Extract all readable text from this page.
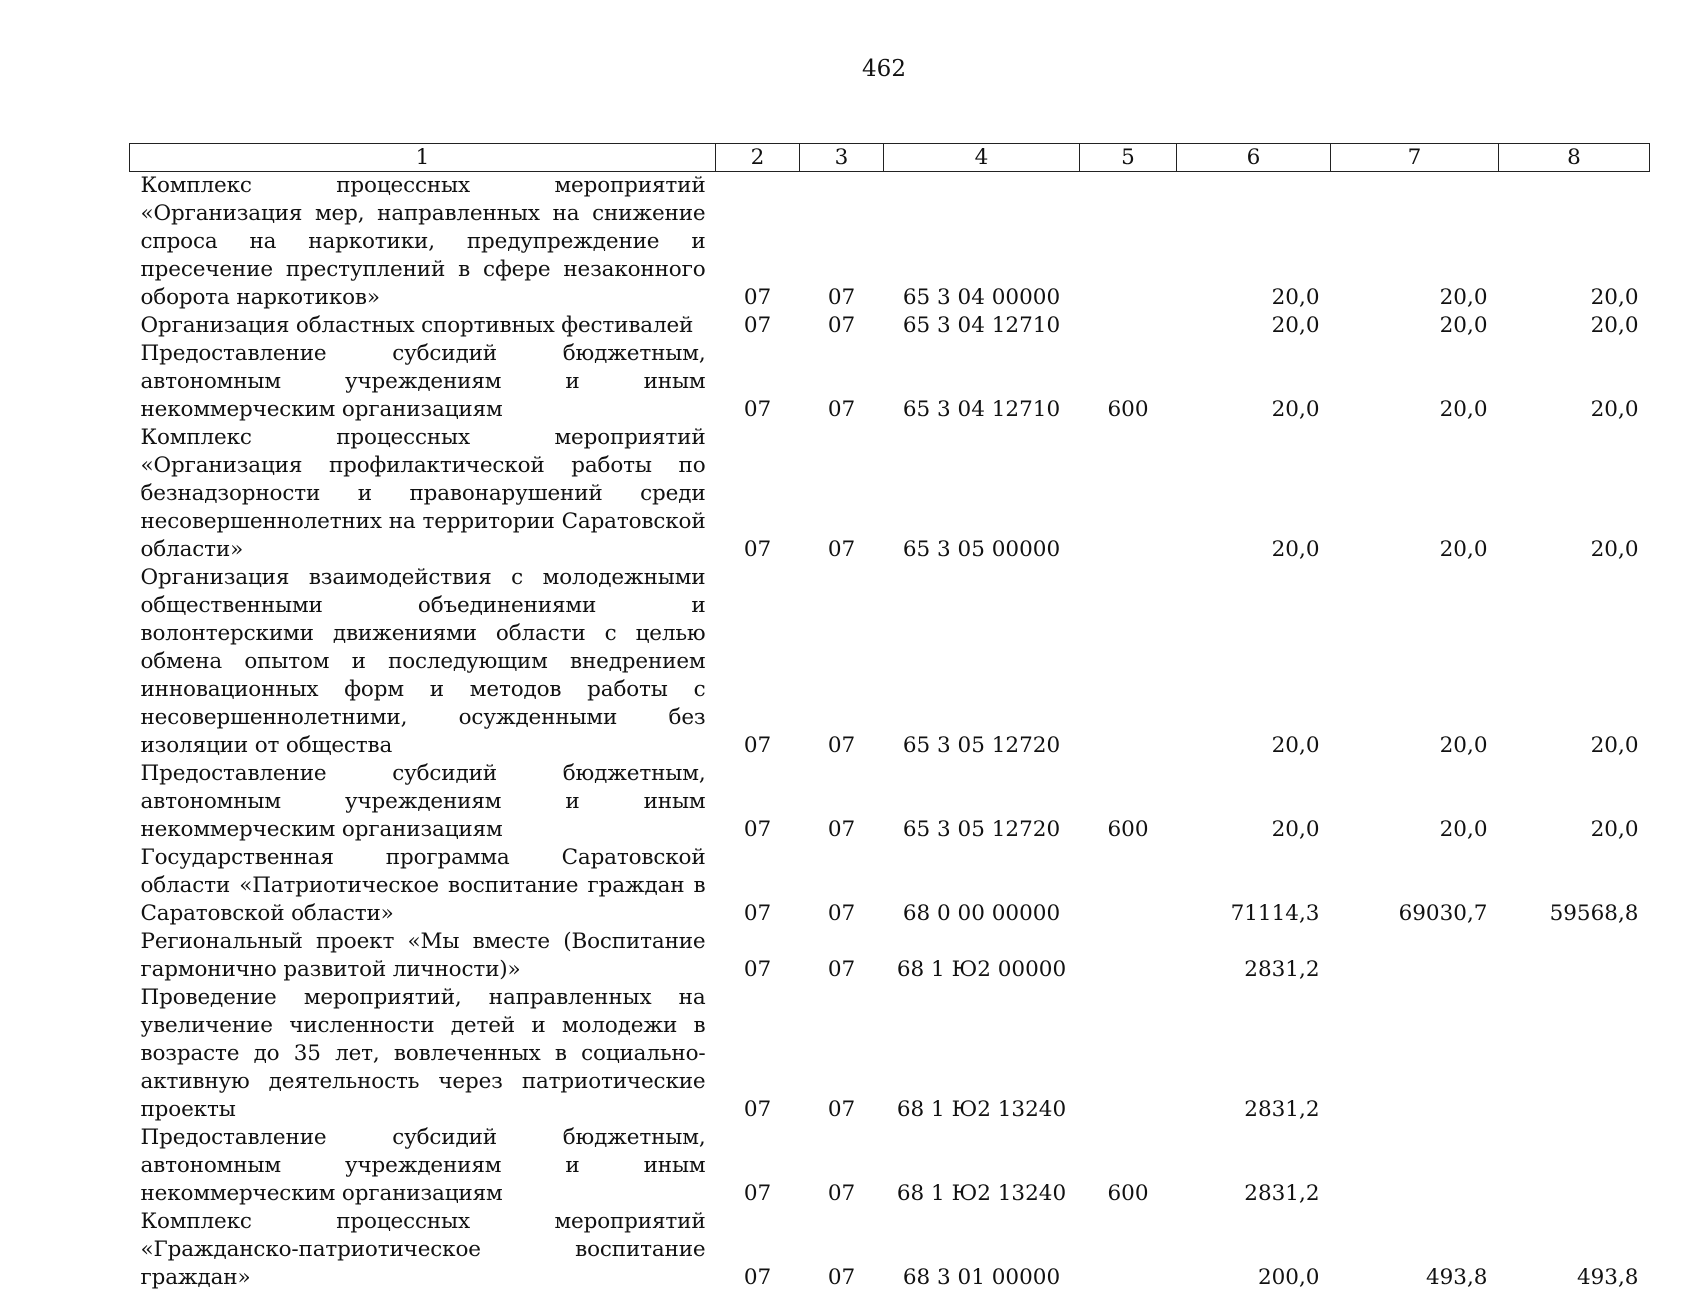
462
1	2	3	4	5	6	7	8
Комплекс процессных мероприятий «Организация мер, направленных на снижение спроса на наркотики, предупреждение и пресечение преступлений в сфере незаконного оборота наркотиков»	07	07	65 3 04 00000		20,0	20,0	20,0
Организация областных спортивных фестивалей	07	07	65 3 04 12710		20,0	20,0	20,0
Предоставление субсидий бюджетным, автономным учреждениям и иным некоммерческим организациям	07	07	65 3 04 12710	600	20,0	20,0	20,0
Комплекс процессных мероприятий «Организация профилактической работы по безнадзорности и правонарушений среди несовершеннолетних на территории Саратовской области»	07	07	65 3 05 00000		20,0	20,0	20,0
Организация взаимодействия с молодежными общественными объединениями и волонтерскими движениями области с целью обмена опытом и последующим внедрением инновационных форм и методов работы с несовершеннолетними, осужденными без изоляции от общества	07	07	65 3 05 12720		20,0	20,0	20,0
Предоставление субсидий бюджетным, автономным учреждениям и иным некоммерческим организациям	07	07	65 3 05 12720	600	20,0	20,0	20,0
Государственная программа Саратовской области «Патриотическое воспитание граждан в Саратовской области»	07	07	68 0 00 00000		71114,3	69030,7	59568,8
Региональный проект «Мы вместе (Воспитание гармонично развитой личности)»	07	07	68 1 Ю2 00000		2831,2		
Проведение мероприятий, направленных на увеличение численности детей и молодежи в возрасте до 35 лет, вовлеченных в социально-активную деятельность через патриотические проекты	07	07	68 1 Ю2 13240		2831,2		
Предоставление субсидий бюджетным, автономным учреждениям и иным некоммерческим организациям	07	07	68 1 Ю2 13240	600	2831,2		
Комплекс процессных мероприятий «Гражданско-патриотическое воспитание граждан»	07	07	68 3 01 00000		200,0	493,8	493,8
